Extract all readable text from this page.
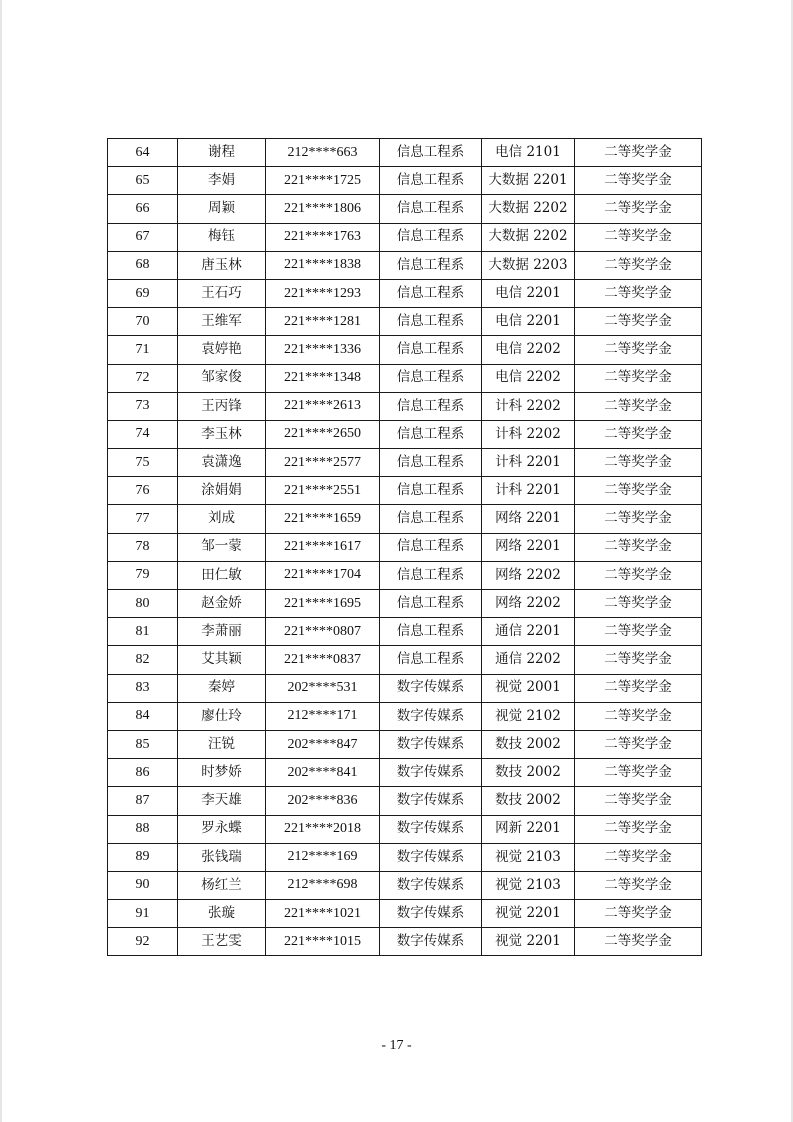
64	谢程	212****663	信息工程系	电信 2101	二等奖学金
65	李娟	221****1725	信息工程系	大数据 2201	二等奖学金
66	周颖	221****1806	信息工程系	大数据 2202	二等奖学金
67	梅钰	221****1763	信息工程系	大数据 2202	二等奖学金
68	唐玉林	221****1838	信息工程系	大数据 2203	二等奖学金
69	王石巧	221****1293	信息工程系	电信 2201	二等奖学金
70	王维军	221****1281	信息工程系	电信 2201	二等奖学金
71	袁婷艳	221****1336	信息工程系	电信 2202	二等奖学金
72	邹家俊	221****1348	信息工程系	电信 2202	二等奖学金
73	王丙锋	221****2613	信息工程系	计科 2202	二等奖学金
74	李玉林	221****2650	信息工程系	计科 2202	二等奖学金
75	袁潇逸	221****2577	信息工程系	计科 2201	二等奖学金
76	涂娟娟	221****2551	信息工程系	计科 2201	二等奖学金
77	刘成	221****1659	信息工程系	网络 2201	二等奖学金
78	邹一蒙	221****1617	信息工程系	网络 2201	二等奖学金
79	田仁敏	221****1704	信息工程系	网络 2202	二等奖学金
80	赵金娇	221****1695	信息工程系	网络 2202	二等奖学金
81	李萧丽	221****0807	信息工程系	通信 2201	二等奖学金
82	艾其颖	221****0837	信息工程系	通信 2202	二等奖学金
83	秦婷	202****531	数字传媒系	视觉 2001	二等奖学金
84	廖仕玲	212****171	数字传媒系	视觉 2102	二等奖学金
85	汪锐	202****847	数字传媒系	数技 2002	二等奖学金
86	时梦娇	202****841	数字传媒系	数技 2002	二等奖学金
87	李天雄	202****836	数字传媒系	数技 2002	二等奖学金
88	罗永蝶	221****2018	数字传媒系	网新 2201	二等奖学金
89	张钱瑞	212****169	数字传媒系	视觉 2103	二等奖学金
90	杨红兰	212****698	数字传媒系	视觉 2103	二等奖学金
91	张璇	221****1021	数字传媒系	视觉 2201	二等奖学金
92	王艺雯	221****1015	数字传媒系	视觉 2201	二等奖学金
- 17 -
